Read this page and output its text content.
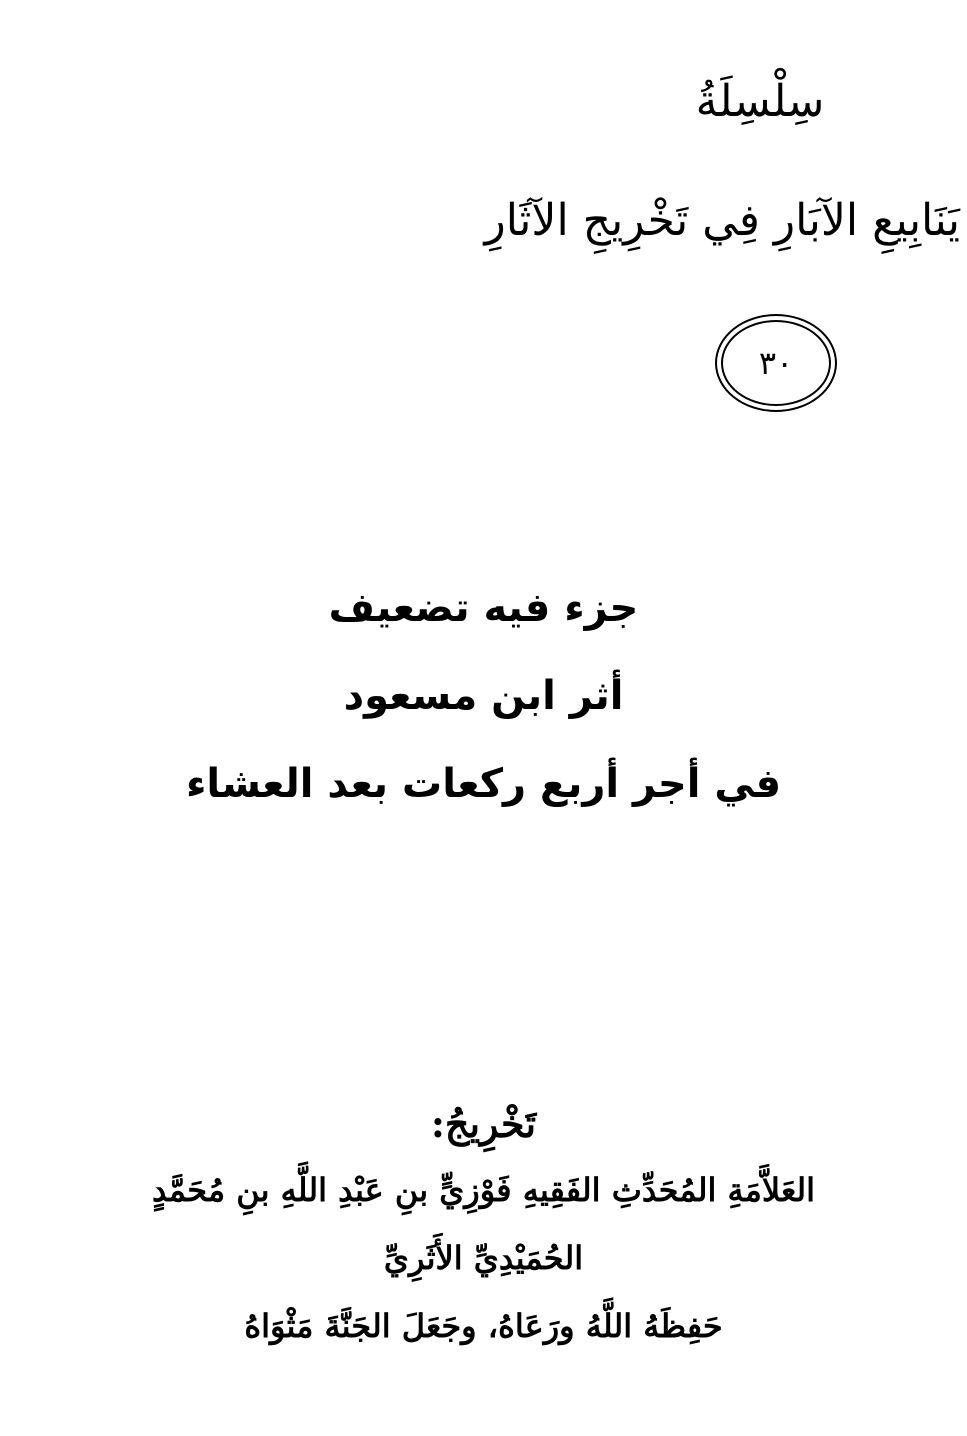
سِلْسِلَةُ
يَنَابِيعِ الآبَارِ فِي تَخْرِيجِ الآثَارِ
٣٠
جزء فيه تضعيف
أثر ابن مسعود
في أجر أربع ركعات بعد العشاء
تَخْرِيجُ:
العَلاَّمَةِ المُحَدِّثِ الفَقِيهِ فَوْزِيٍّ بنِ عَبْدِ اللَّهِ بنِ مُحَمَّدٍ
الحُمَيْدِيِّ الأَثَرِيِّ
حَفِظَهُ اللَّهُ ورَعَاهُ، وجَعَلَ الجَنَّةَ مَثْوَاهُ
